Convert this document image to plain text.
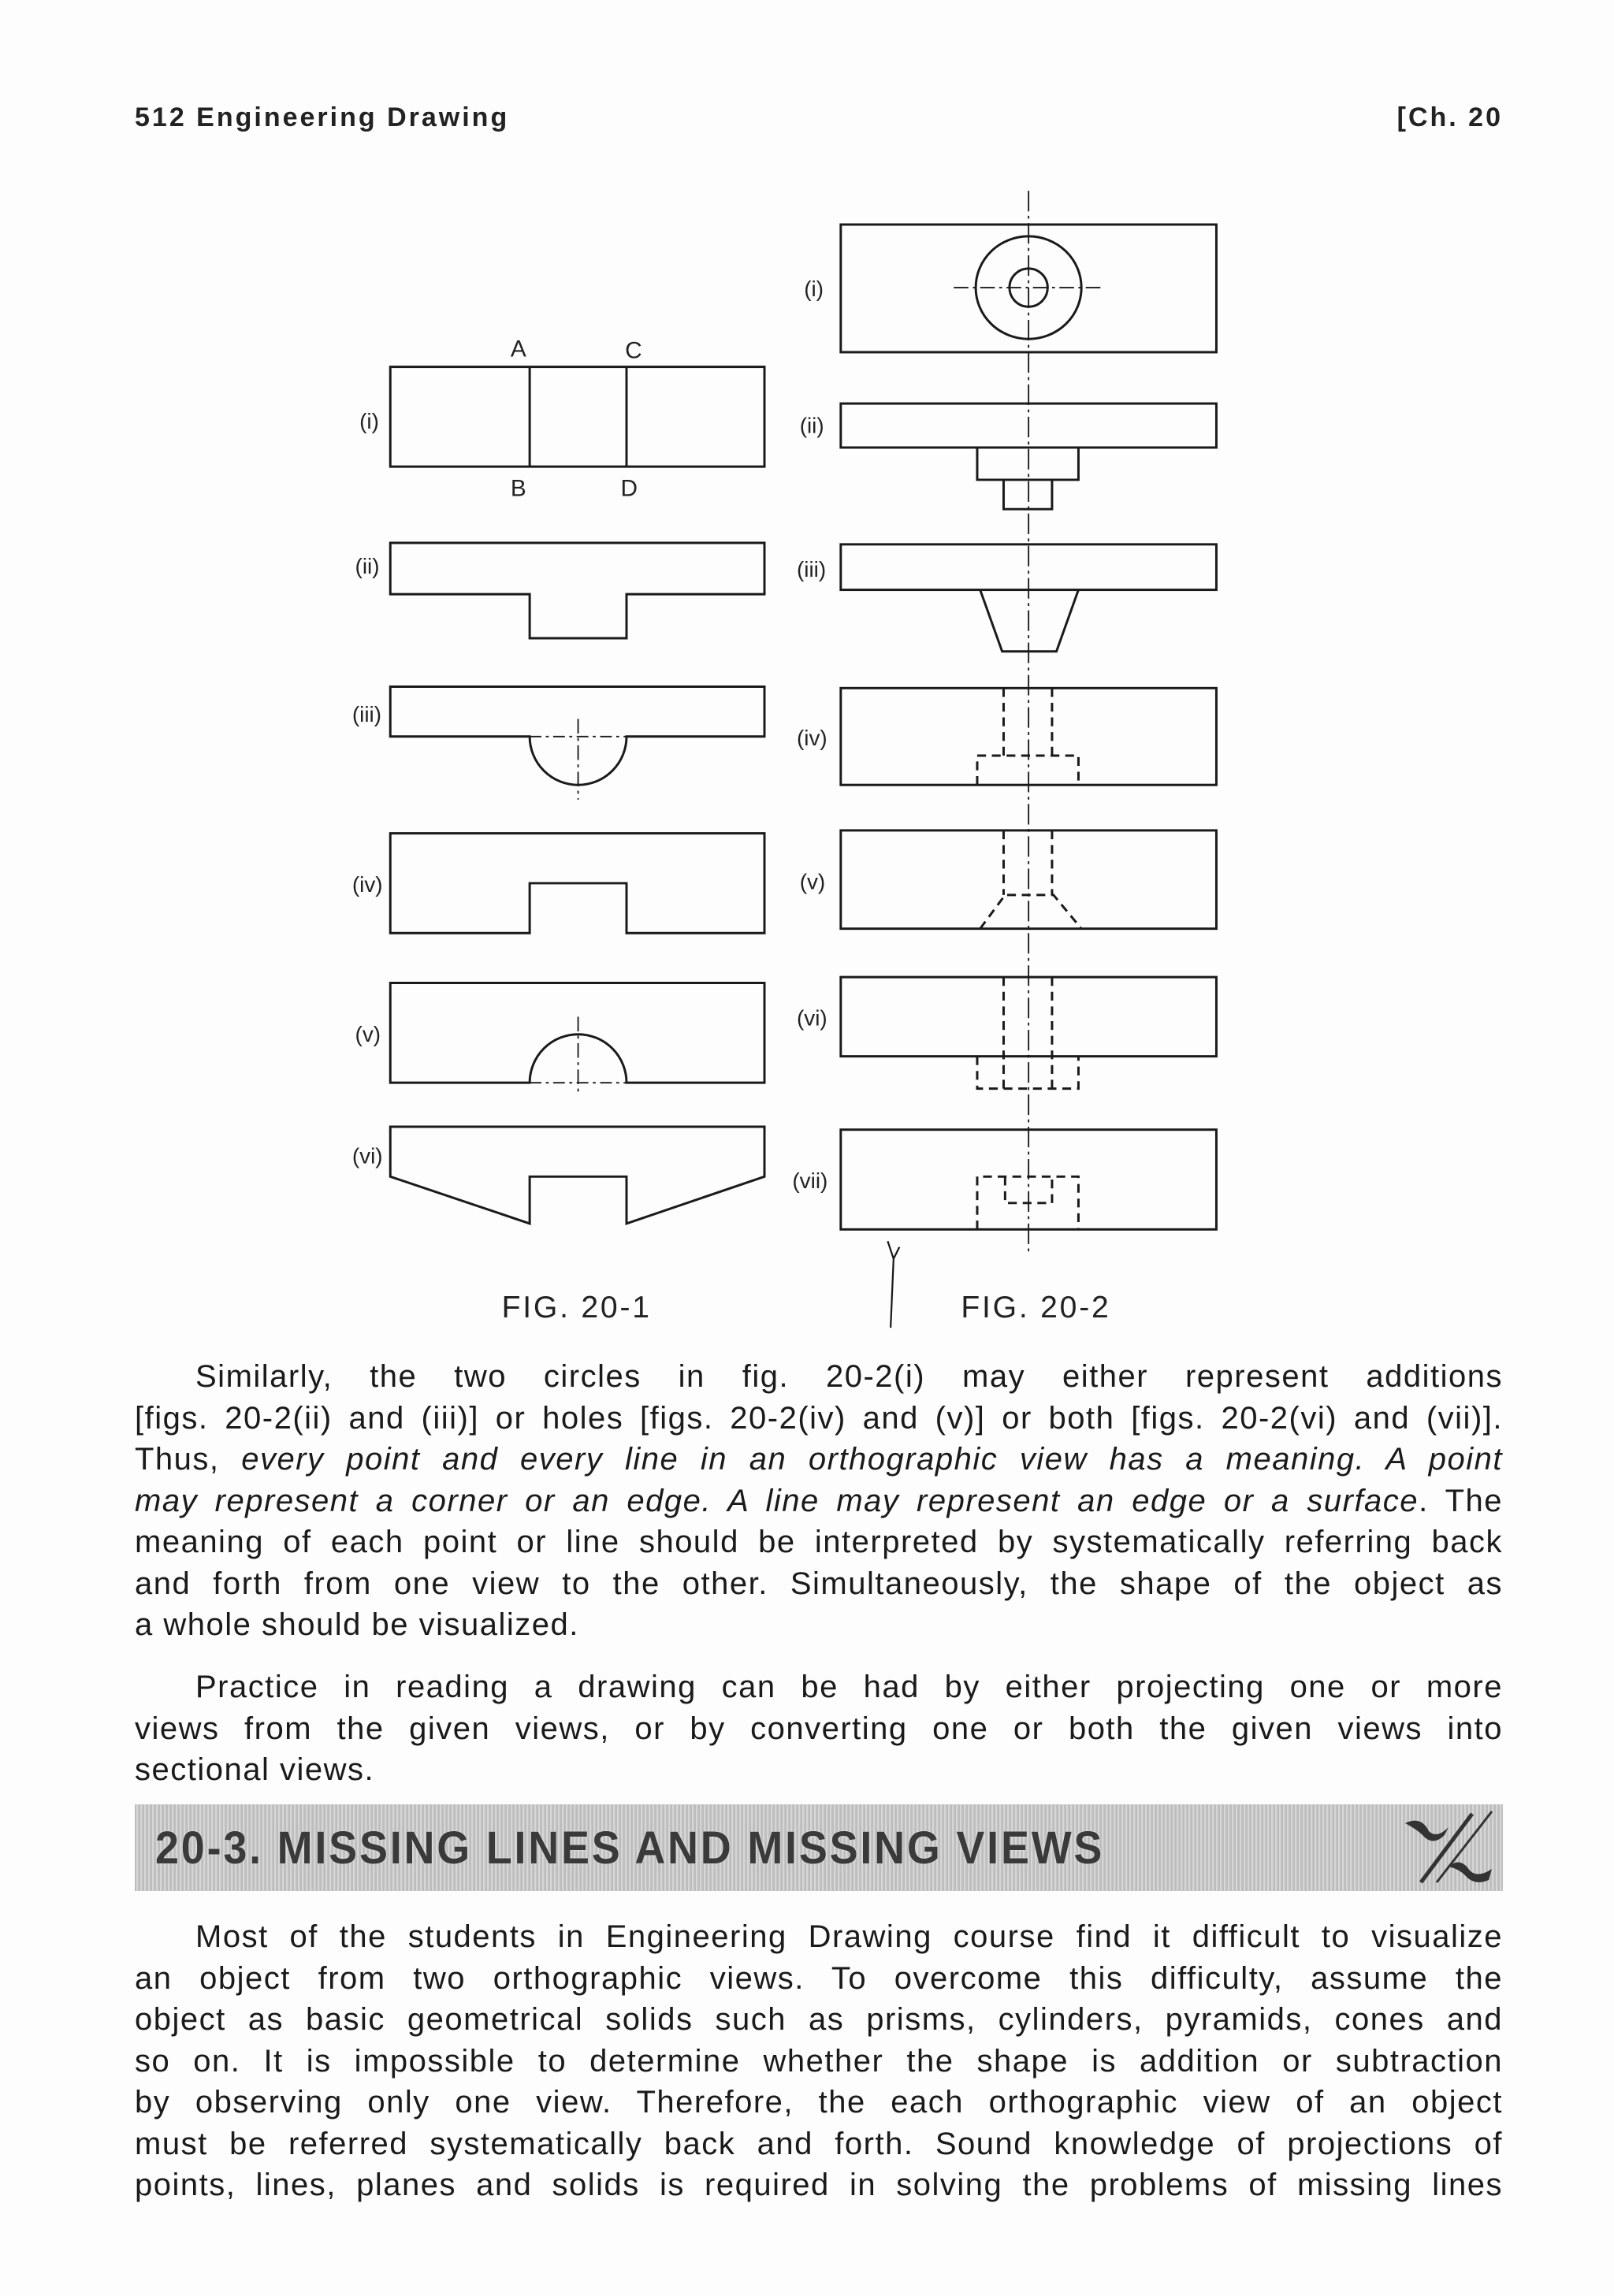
512 Engineering Drawing	[Ch. 20
(i)
(ii)
(iii)
(iv)
(v)
(vi)
A	C
B	D
FIG. 20-1
(i)
(ii)
(iii)
(iv)
(v)
(vi)
(vii)
FIG. 20-2
Similarly, the two circles in fig. 20-2(i) may either represent additions
[figs. 20-2(ii) and (iii)] or holes [figs. 20-2(iv) and (v)] or both [figs. 20-2(vi) and (vii)].
Thus, every point and every line in an orthographic view has a meaning. A point
may represent a corner or an edge. A line may represent an edge or a surface. The
meaning of each point or line should be interpreted by systematically referring back
and forth from one view to the other. Simultaneously, the shape of the object as
a whole should be visualized.
Practice in reading a drawing can be had by either projecting one or more
views from the given views, or by converting one or both the given views into
sectional views.
20-3. MISSING LINES AND MISSING VIEWS
Most of the students in Engineering Drawing course find it difficult to visualize
an object from two orthographic views. To overcome this difficulty, assume the
object as basic geometrical solids such as prisms, cylinders, pyramids, cones and
so on. It is impossible to determine whether the shape is addition or subtraction
by observing only one view. Therefore, the each orthographic view of an object
must be referred systematically back and forth. Sound knowledge of projections of
points, lines, planes and solids is required in solving the problems of missing lines
